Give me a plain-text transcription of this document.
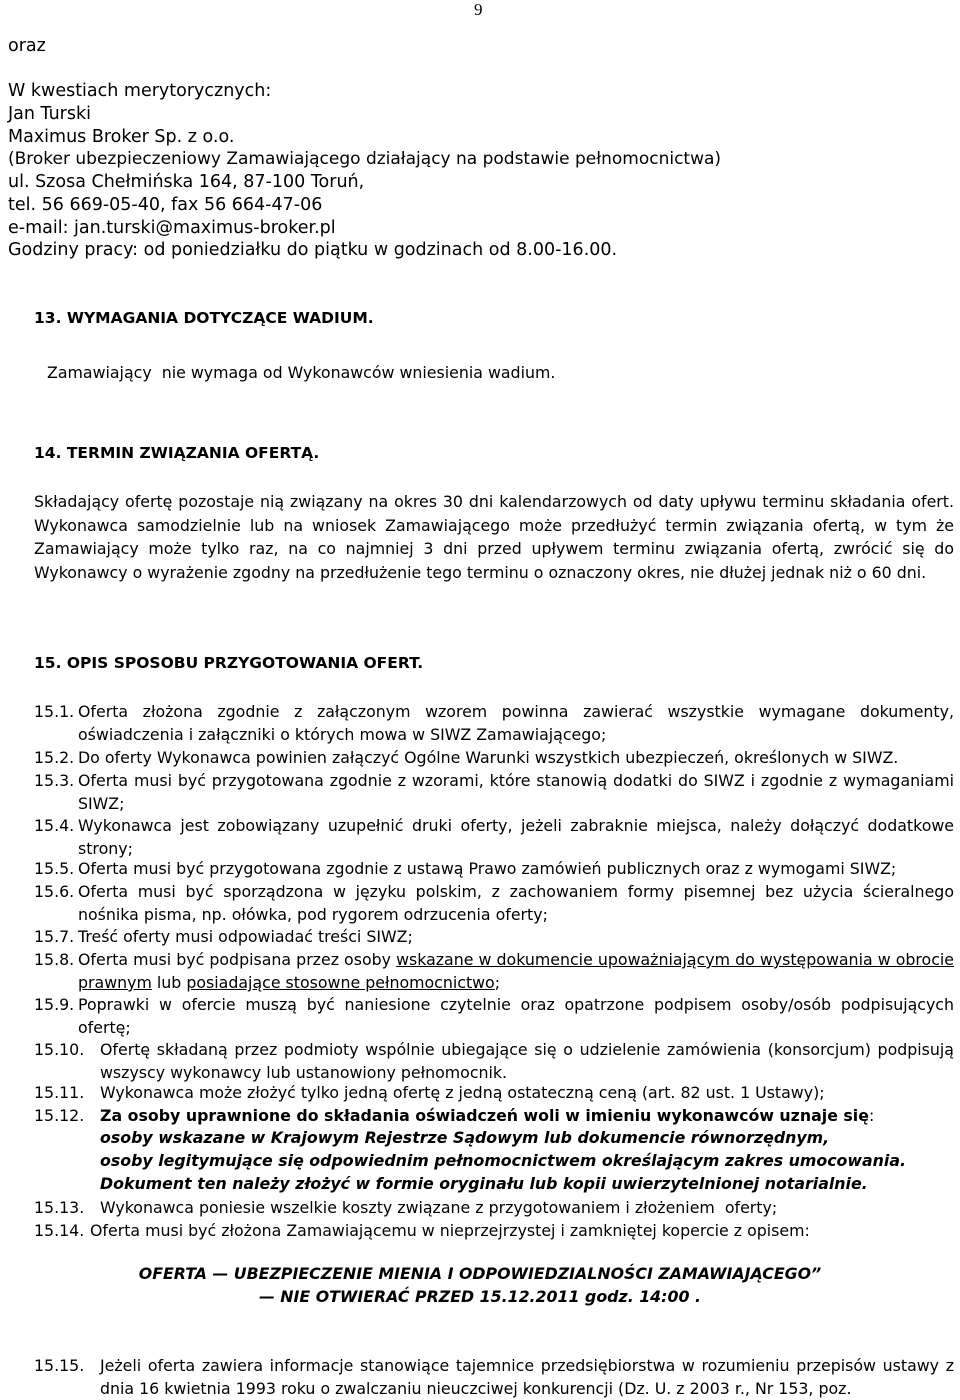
9
oraz
W kwestiach merytorycznych:
Jan Turski
Maximus Broker Sp. z o.o.
(Broker ubezpieczeniowy Zamawiającego działający na podstawie pełnomocnictwa)
ul. Szosa Chełmińska 164, 87-100 Toruń,
tel. 56 669-05-40, fax 56 664-47-06
e-mail: jan.turski@maximus-broker.pl
Godziny pracy: od poniedziałku do piątku w godzinach od 8.00-16.00.
13. WYMAGANIA DOTYCZĄCE WADIUM.
Zamawiający  nie wymaga od Wykonawców wniesienia wadium.
14. TERMIN ZWIĄZANIA OFERTĄ.
Składający ofertę pozostaje nią związany na okres 30 dni kalendarzowych od daty upływu terminu składania ofert. Wykonawca samodzielnie lub na wniosek Zamawiającego może przedłużyć termin związania ofertą, w tym że Zamawiający może tylko raz, na co najmniej 3 dni przed upływem terminu związania ofertą, zwrócić się do Wykonawcy o wyrażenie zgodny na przedłużenie tego terminu o oznaczony okres, nie dłużej jednak niż o 60 dni.
15. OPIS SPOSOBU PRZYGOTOWANIA OFERT.
15.1. Oferta złożona zgodnie z załączonym wzorem powinna zawierać wszystkie wymagane dokumenty, oświadczenia i załączniki o których mowa w SIWZ Zamawiającego;
15.2. Do oferty Wykonawca powinien załączyć Ogólne Warunki wszystkich ubezpieczeń, określonych w SIWZ.
15.3. Oferta musi być przygotowana zgodnie z wzorami, które stanowią dodatki do SIWZ i zgodnie z wymaganiami SIWZ;
15.4. Wykonawca jest zobowiązany uzupełnić druki oferty, jeżeli zabraknie miejsca, należy dołączyć dodatkowe strony;
15.5. Oferta musi być przygotowana zgodnie z ustawą Prawo zamówień publicznych oraz z wymogami SIWZ;
15.6. Oferta musi być sporządzona w języku polskim, z zachowaniem formy pisemnej bez użycia ścieralnego nośnika pisma, np. ołówka, pod rygorem odrzucenia oferty;
15.7. Treść oferty musi odpowiadać treści SIWZ;
15.8. Oferta musi być podpisana przez osoby wskazane w dokumencie upoważniającym do występowania w obrocie prawnym lub posiadające stosowne pełnomocnictwo;
15.9. Poprawki w ofercie muszą być naniesione czytelnie oraz opatrzone podpisem osoby/osób podpisujących ofertę;
15.10. Ofertę składaną przez podmioty wspólnie ubiegające się o udzielenie zamówienia (konsorcjum) podpisują wszyscy wykonawcy lub ustanowiony pełnomocnik.
15.11. Wykonawca może złożyć tylko jedną ofertę z jedną ostateczną ceną (art. 82 ust. 1 Ustawy);
15.12. Za osoby uprawnione do składania oświadczeń woli w imieniu wykonawców uznaje się:
osoby wskazane w Krajowym Rejestrze Sądowym lub dokumencie równorzędnym,
osoby legitymujące się odpowiednim pełnomocnictwem określającym zakres umocowania.
Dokument ten należy złożyć w formie oryginału lub kopii uwierzytelnionej notarialnie.
15.13. Wykonawca poniesie wszelkie koszty związane z przygotowaniem i złożeniem  oferty;
15.14. Oferta musi być złożona Zamawiającemu w nieprzejrzystej i zamkniętej kopercie z opisem:
OFERTA — UBEZPIECZENIE MIENIA I ODPOWIEDZIALNOŚCI ZAMAWIAJĄCEGO”
— NIE OTWIERAĆ PRZED 15.12.2011 godz. 14:00 .
15.15. Jeżeli oferta zawiera informacje stanowiące tajemnice przedsiębiorstwa w rozumieniu przepisów ustawy z dnia 16 kwietnia 1993 roku o zwalczaniu nieuczciwej konkurencji (Dz. U. z 2003 r., Nr 153, poz.
